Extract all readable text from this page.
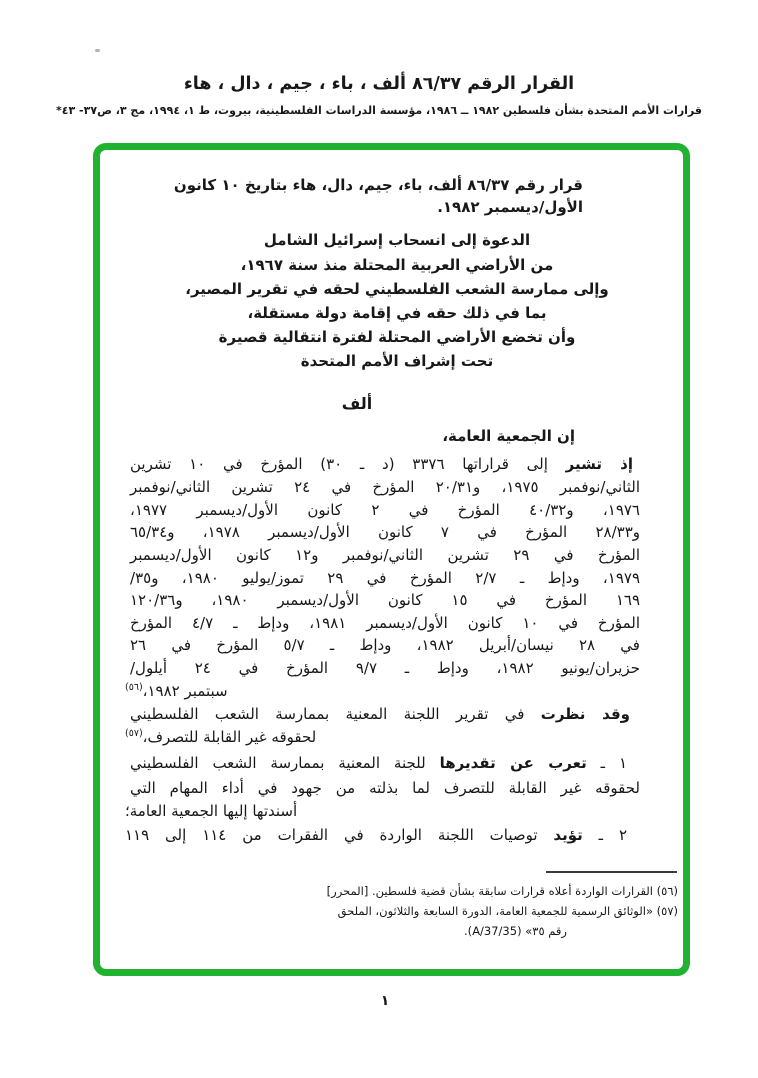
القرار الرقم ٨٦/٣٧ ألف ، باء ، جيم ، دال ، هاء
قرارات الأمم المتحدة بشأن فلسطين ١٩٨٢ ــ ١٩٨٦، مؤسسة الدراسات الفلسطينية، بيروت، ط ١، ١٩٩٤، مج ٣، ص٣٧- ٤٣*
قرار رقم ٨٦/٣٧ ألف، باء، جيم، دال، هاء بتاريخ ١٠ كانون
الأول/ديسمبر ١٩٨٢.
الدعوة إلى انسحاب إسرائيل الشامل
من الأراضي العربية المحتلة منذ سنة ١٩٦٧،
وإلى ممارسة الشعب الفلسطيني لحقه في تقرير المصير،
بما في ذلك حقه في إقامة دولة مستقلة،
وأن تخضع الأراضي المحتلة لفترة انتقالية قصيرة
تحت إشراف الأمم المتحدة
ألف
إن الجمعية العامة،
إذ تشير إلى قراراتها ٣٣٧٦ (د ـ ٣٠) المؤرخ في ١٠ تشرين
الثاني/نوفمبر ١٩٧٥، و٢٠/٣١ المؤرخ في ٢٤ تشرين الثاني/نوفمبر
١٩٧٦، و٤٠/٣٢ المؤرخ في ٢ كانون الأول/ديسمبر ١٩٧٧،
و٢٨/٣٣ المؤرخ في ٧ كانون الأول/ديسمبر ١٩٧٨، و٦٥/٣٤
المؤرخ في ٢٩ تشرين الثاني/نوفمبر و١٢ كانون الأول/ديسمبر
١٩٧٩، ودإط ـ ٢/٧ المؤرخ في ٢٩ تموز/يوليو ١٩٨٠، و٣٥/
١٦٩ المؤرخ في ١٥ كانون الأول/ديسمبر ١٩٨٠، و١٢٠/٣٦
المؤرخ في ١٠ كانون الأول/ديسمبر ١٩٨١، ودإط ـ ٤/٧ المؤرخ
في ٢٨ نيسان/أبريل ١٩٨٢، ودإط ـ ٥/٧ المؤرخ في ٢٦
حزيران/يونيو ١٩٨٢، ودإط ـ ٩/٧ المؤرخ في ٢٤ أيلول/
سبتمبر ١٩٨٢،$^{(٥٦)}$
وقد نظرت في تقرير اللجنة المعنية بممارسة الشعب الفلسطيني
لحقوقه غير القابلة للتصرف،$^{(٥٧)}$
١ ـ تعرب عن تقديرها للجنة المعنية بممارسة الشعب الفلسطيني
لحقوقه غير القابلة للتصرف لما بذلته من جهود في أداء المهام التي
أسندتها إليها الجمعية العامة؛
٢ ـ تؤيد توصيات اللجنة الواردة في الفقرات من ١١٤ إلى ١١٩
(٥٦) القرارات الواردة أعلاه قرارات سابقة بشأن قضية فلسطين. [المحرر]
(٥٧) «الوثائق الرسمية للجمعية العامة، الدورة السابعة والثلاثون، الملحق
رقم ٣٥» (A/37/35).
١
